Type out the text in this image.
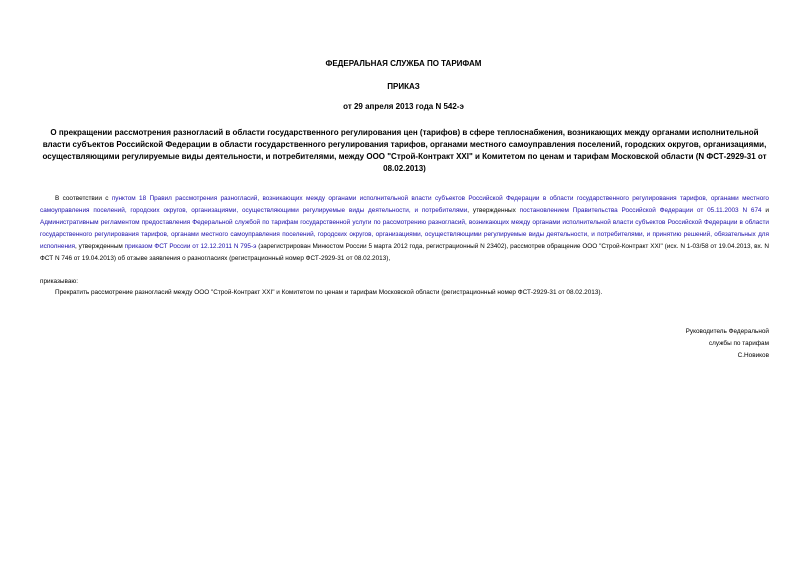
ФЕДЕРАЛЬНАЯ СЛУЖБА ПО ТАРИФАМ
ПРИКАЗ
от 29 апреля 2013 года N 542-э
О прекращении рассмотрения разногласий в области государственного регулирования цен (тарифов) в сфере теплоснабжения, возникающих между органами исполнительной власти субъектов Российской Федерации в области государственного регулирования тарифов, органами местного самоуправления поселений, городских округов, организациями, осуществляющими регулируемые виды деятельности, и потребителями, между ООО "Строй-Контракт XXI" и Комитетом по ценам и тарифам Московской области (N ФСТ-2929-31 от 08.02.2013)
В соответствии с пунктом 18 Правил рассмотрения разногласий, возникающих между органами исполнительной власти субъектов Российской Федерации в области государственного регулирования тарифов, органами местного самоуправления поселений, городских округов, организациями, осуществляющими регулируемые виды деятельности, и потребителями, утвержденных постановлением Правительства Российской Федерации от 05.11.2003 N 674 и Административным регламентом предоставления Федеральной службой по тарифам государственной услуги по рассмотрению разногласий, возникающих между органами исполнительной власти субъектов Российской Федерации в области государственного регулирования тарифов, органами местного самоуправления поселений, городских округов, организациями, осуществляющими регулируемые виды деятельности, и потребителями, и принятию решений, обязательных для исполнения, утвержденным приказом ФСТ России от 12.12.2011 N 795-э (зарегистрирован Минюстом России 5 марта 2012 года, регистрационный N 23402), рассмотрев обращение ООО "Строй-Контракт XXI" (исх. N 1-03/58 от 19.04.2013, вх. N ФСТ N 746 от 19.04.2013) об отзыве заявления о разногласиях (регистрационный номер ФСТ-2929-31 от 08.02.2013),
приказываю:
Прекратить рассмотрение разногласий между ООО "Строй-Контракт XXI" и Комитетом по ценам и тарифам Московской области (регистрационный номер ФСТ-2929-31 от 08.02.2013).
Руководитель Федеральной
службы по тарифам
С.Новиков
